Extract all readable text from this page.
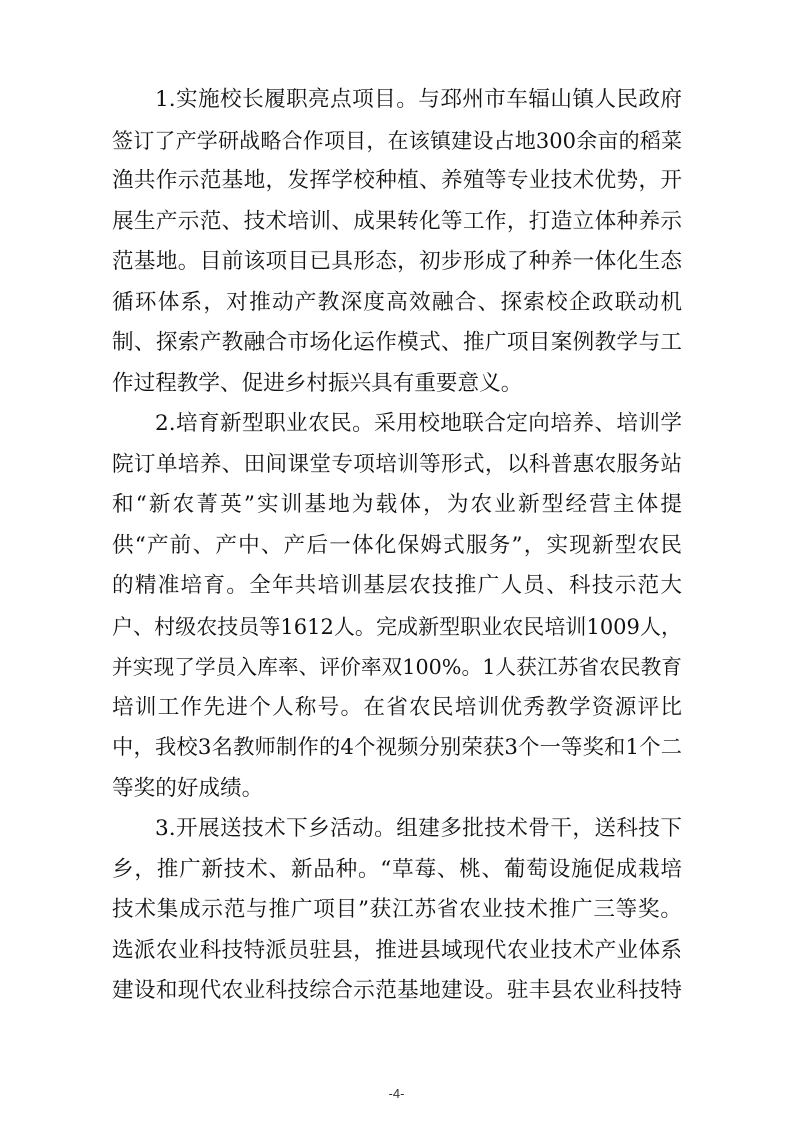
1.实施校长履职亮点项目。与邳州市车辐山镇人民政府
签订了产学研战略合作项目，在该镇建设占地300余亩的稻菜
渔共作示范基地，发挥学校种植、养殖等专业技术优势，开
展生产示范、技术培训、成果转化等工作，打造立体种养示
范基地。目前该项目已具形态，初步形成了种养一体化生态
循环体系，对推动产教深度高效融合、探索校企政联动机
制、探索产教融合市场化运作模式、推广项目案例教学与工
作过程教学、促进乡村振兴具有重要意义。
2.培育新型职业农民。采用校地联合定向培养、培训学
院订单培养、田间课堂专项培训等形式，以科普惠农服务站
和“新农菁英”实训基地为载体，为农业新型经营主体提
供“产前、产中、产后一体化保姆式服务”，实现新型农民
的精准培育。全年共培训基层农技推广人员、科技示范大
户、村级农技员等1612人。完成新型职业农民培训1009人，
并实现了学员入库率、评价率双100%。1人获江苏省农民教育
培训工作先进个人称号。在省农民培训优秀教学资源评比
中，我校3名教师制作的4个视频分别荣获3个一等奖和1个二
等奖的好成绩。
3.开展送技术下乡活动。组建多批技术骨干，送科技下
乡，推广新技术、新品种。“草莓、桃、葡萄设施促成栽培
技术集成示范与推广项目”获江苏省农业技术推广三等奖。
选派农业科技特派员驻县，推进县域现代农业技术产业体系
建设和现代农业科技综合示范基地建设。驻丰县农业科技特
-4-
